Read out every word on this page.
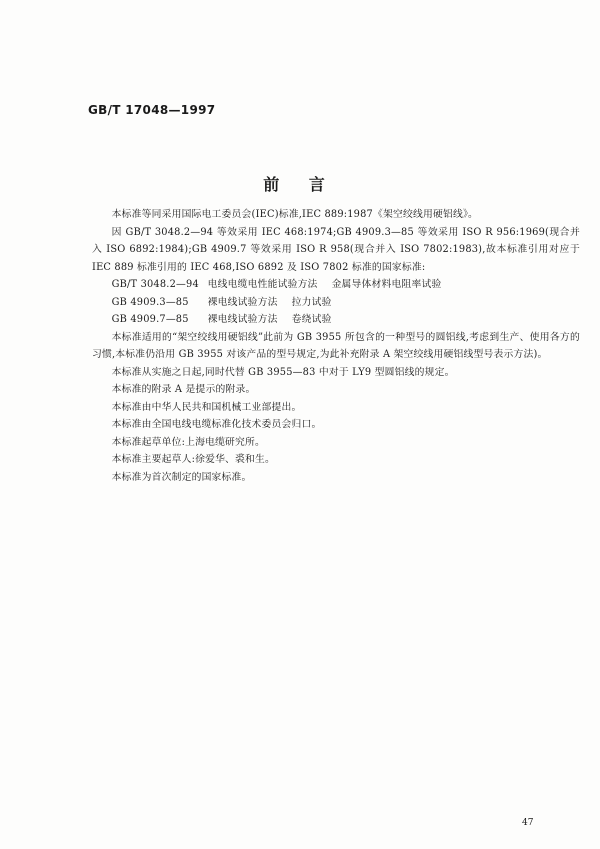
GB/T 17048—1997
前 言

本标准等同采用国际电工委员会(IEC)标准,IEC 889:1987《架空绞线用硬铝线》。

因 GB/T 3048.2—94 等效采用 IEC 468:1974;GB 4909.3—85 等效采用 ISO R 956:1969(现合并入 ISO 6892:1984);GB 4909.7 等效采用 ISO R 958(现合并入 ISO 7802:1983),故本标准引用对应于 IEC 889 标准引用的 IEC 468,ISO 6892 及 ISO 7802 标准的国家标准:

GB/T 3048.2—94 电线电缆电性能试验方法 金属导体材料电阻率试验

GB 4909.3—85 裸电线试验方法 拉力试验

GB 4909.7—85 裸电线试验方法 卷绕试验

本标准适用的“架空绞线用硬铝线”此前为 GB 3955 所包含的一种型号的圆铝线,考虑到生产、使用各方的习惯,本标准仍沿用 GB 3955 对该产品的型号规定,为此补充附录 A 架空绞线用硬铝线型号表示方法)。

本标准从实施之日起,同时代替 GB 3955—83 中对于 LY9 型圆铝线的规定。

本标准的附录 A 是提示的附录。

本标准由中华人民共和国机械工业部提出。

本标准由全国电线电缆标准化技术委员会归口。

本标准起草单位:上海电缆研究所。

本标准主要起草人:徐爱华、裘和生。

本标准为首次制定的国家标准。

47
